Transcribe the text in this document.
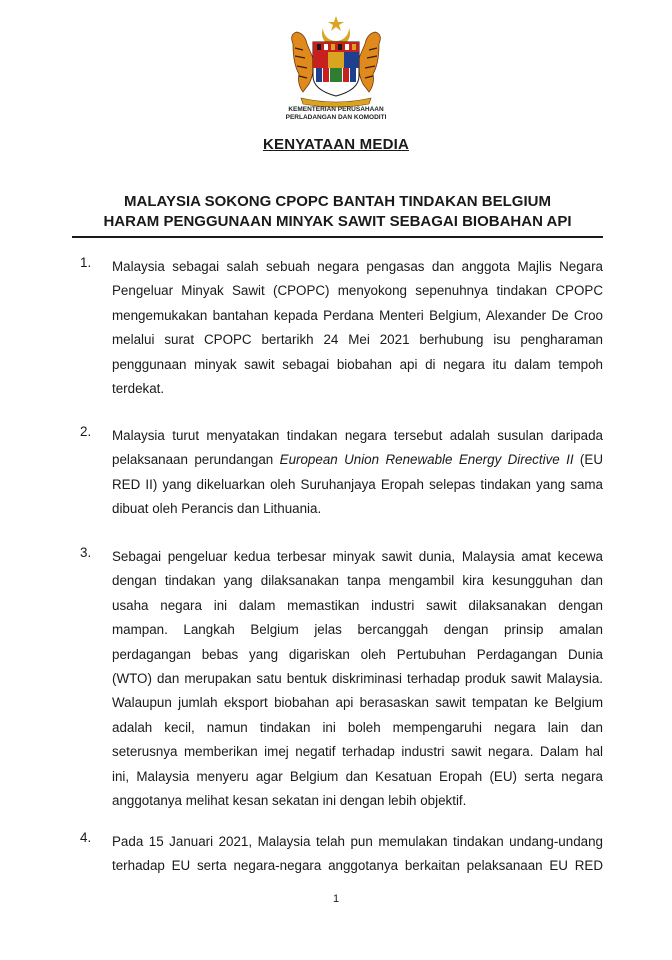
KEMENTERIAN PERUSAHAAN
PERLADANGAN DAN KOMODITI
KENYATAAN MEDIA
MALAYSIA SOKONG CPOPC BANTAH TINDAKAN BELGIUM
HARAM PENGGUNAAN MINYAK SAWIT SEBAGAI BIOBAHAN API
1. Malaysia sebagai salah sebuah negara pengasas dan anggota Majlis Negara
Pengeluar Minyak Sawit (CPOPC) menyokong sepenuhnya tindakan CPOPC
mengemukakan bantahan kepada Perdana Menteri Belgium, Alexander De Croo
melalui surat CPOPC bertarikh 24 Mei 2021 berhubung isu pengharaman
penggunaan minyak sawit sebagai biobahan api di negara itu dalam tempoh
terdekat.
2. Malaysia turut menyatakan tindakan negara tersebut adalah susulan daripada
pelaksanaan perundangan European Union Renewable Energy Directive II (EU
RED II) yang dikeluarkan oleh Suruhanjaya Eropah selepas tindakan yang sama
dibuat oleh Perancis dan Lithuania.
3. Sebagai pengeluar kedua terbesar minyak sawit dunia, Malaysia amat kecewa
dengan tindakan yang dilaksanakan tanpa mengambil kira kesungguhan dan
usaha negara ini dalam memastikan industri sawit dilaksanakan dengan
mampan. Langkah Belgium jelas bercanggah dengan prinsip amalan
perdagangan bebas yang digariskan oleh Pertubuhan Perdagangan Dunia
(WTO) dan merupakan satu bentuk diskriminasi terhadap produk sawit Malaysia.
Walaupun jumlah eksport biobahan api berasaskan sawit tempatan ke Belgium
adalah kecil, namun tindakan ini boleh mempengaruhi negara lain dan
seterusnya memberikan imej negatif terhadap industri sawit negara. Dalam hal
ini, Malaysia menyeru agar Belgium dan Kesatuan Eropah (EU) serta negara
anggotanya melihat kesan sekatan ini dengan lebih objektif.
4. Pada 15 Januari 2021, Malaysia telah pun memulakan tindakan undang-undang
terhadap EU serta negara-negara anggotanya berkaitan pelaksanaan EU RED
1
